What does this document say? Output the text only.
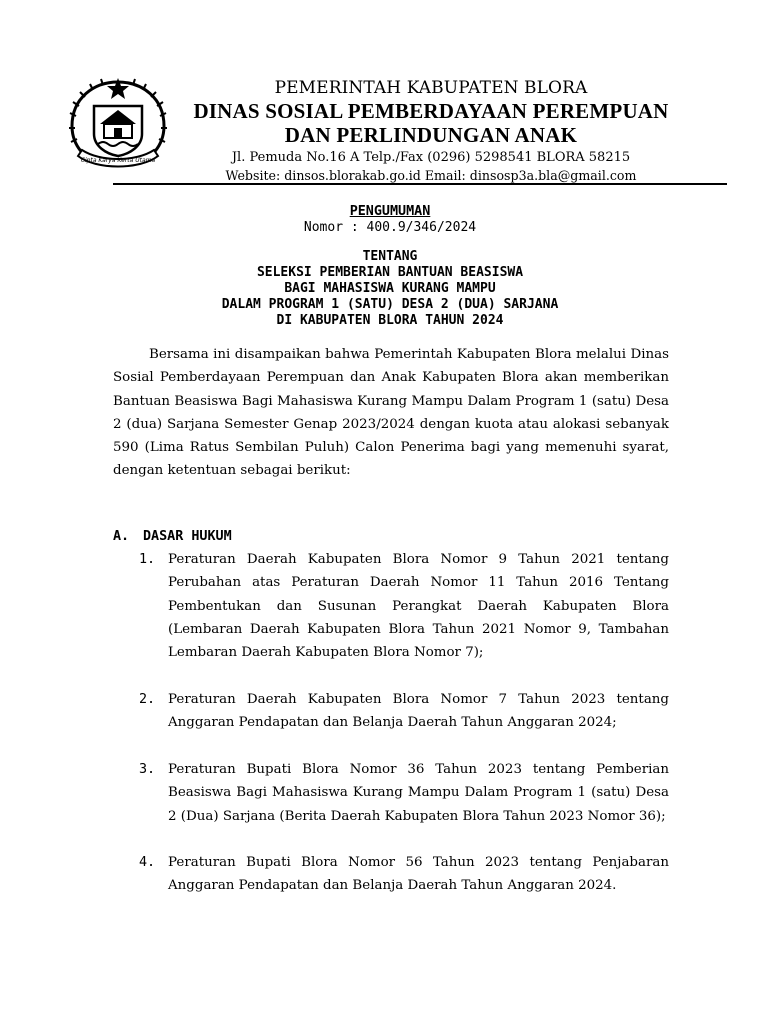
Cipta Karya Kerta Utama
PEMERINTAH KABUPATEN BLORA
DINAS SOSIAL PEMBERDAYAAN PEREMPUAN
DAN PERLINDUNGAN ANAK
Jl. Pemuda No.16 A Telp./Fax (0296) 5298541 BLORA 58215
Website: dinsos.blorakab.go.id Email: dinsosp3a.bla@gmail.com
PENGUMUMAN
Nomor : 400.9/346/2024
TENTANG
SELEKSI PEMBERIAN BANTUAN BEASISWA
BAGI MAHASISWA KURANG MAMPU
DALAM PROGRAM 1 (SATU) DESA 2 (DUA) SARJANA
DI KABUPATEN BLORA TAHUN 2024

Bersama ini disampaikan bahwa Pemerintah Kabupaten Blora melalui Dinas Sosial Pemberdayaan Perempuan dan Anak Kabupaten Blora akan memberikan Bantuan Beasiswa Bagi Mahasiswa Kurang Mampu Dalam Program 1 (satu) Desa 2 (dua) Sarjana Semester Genap 2023/2024 dengan kuota atau alokasi sebanyak 590 (Lima Ratus Sembilan Puluh) Calon Penerima bagi yang memenuhi syarat, dengan ketentuan sebagai berikut:

A. DASAR HUKUM
1. Peraturan Daerah Kabupaten Blora Nomor 9 Tahun 2021 tentang Perubahan atas Peraturan Daerah Nomor 11 Tahun 2016 Tentang Pembentukan dan Susunan Perangkat Daerah Kabupaten Blora (Lembaran Daerah Kabupaten Blora Tahun 2021 Nomor 9, Tambahan Lembaran Daerah Kabupaten Blora Nomor 7);
2. Peraturan Daerah Kabupaten Blora Nomor 7 Tahun 2023 tentang Anggaran Pendapatan dan Belanja Daerah Tahun Anggaran 2024;
3. Peraturan Bupati Blora Nomor 36 Tahun 2023 tentang Pemberian Beasiswa Bagi Mahasiswa Kurang Mampu Dalam Program 1 (satu) Desa 2 (Dua) Sarjana (Berita Daerah Kabupaten Blora Tahun 2023 Nomor 36);
4. Peraturan Bupati Blora Nomor 56 Tahun 2023 tentang Penjabaran Anggaran Pendapatan dan Belanja Daerah Tahun Anggaran 2024.
